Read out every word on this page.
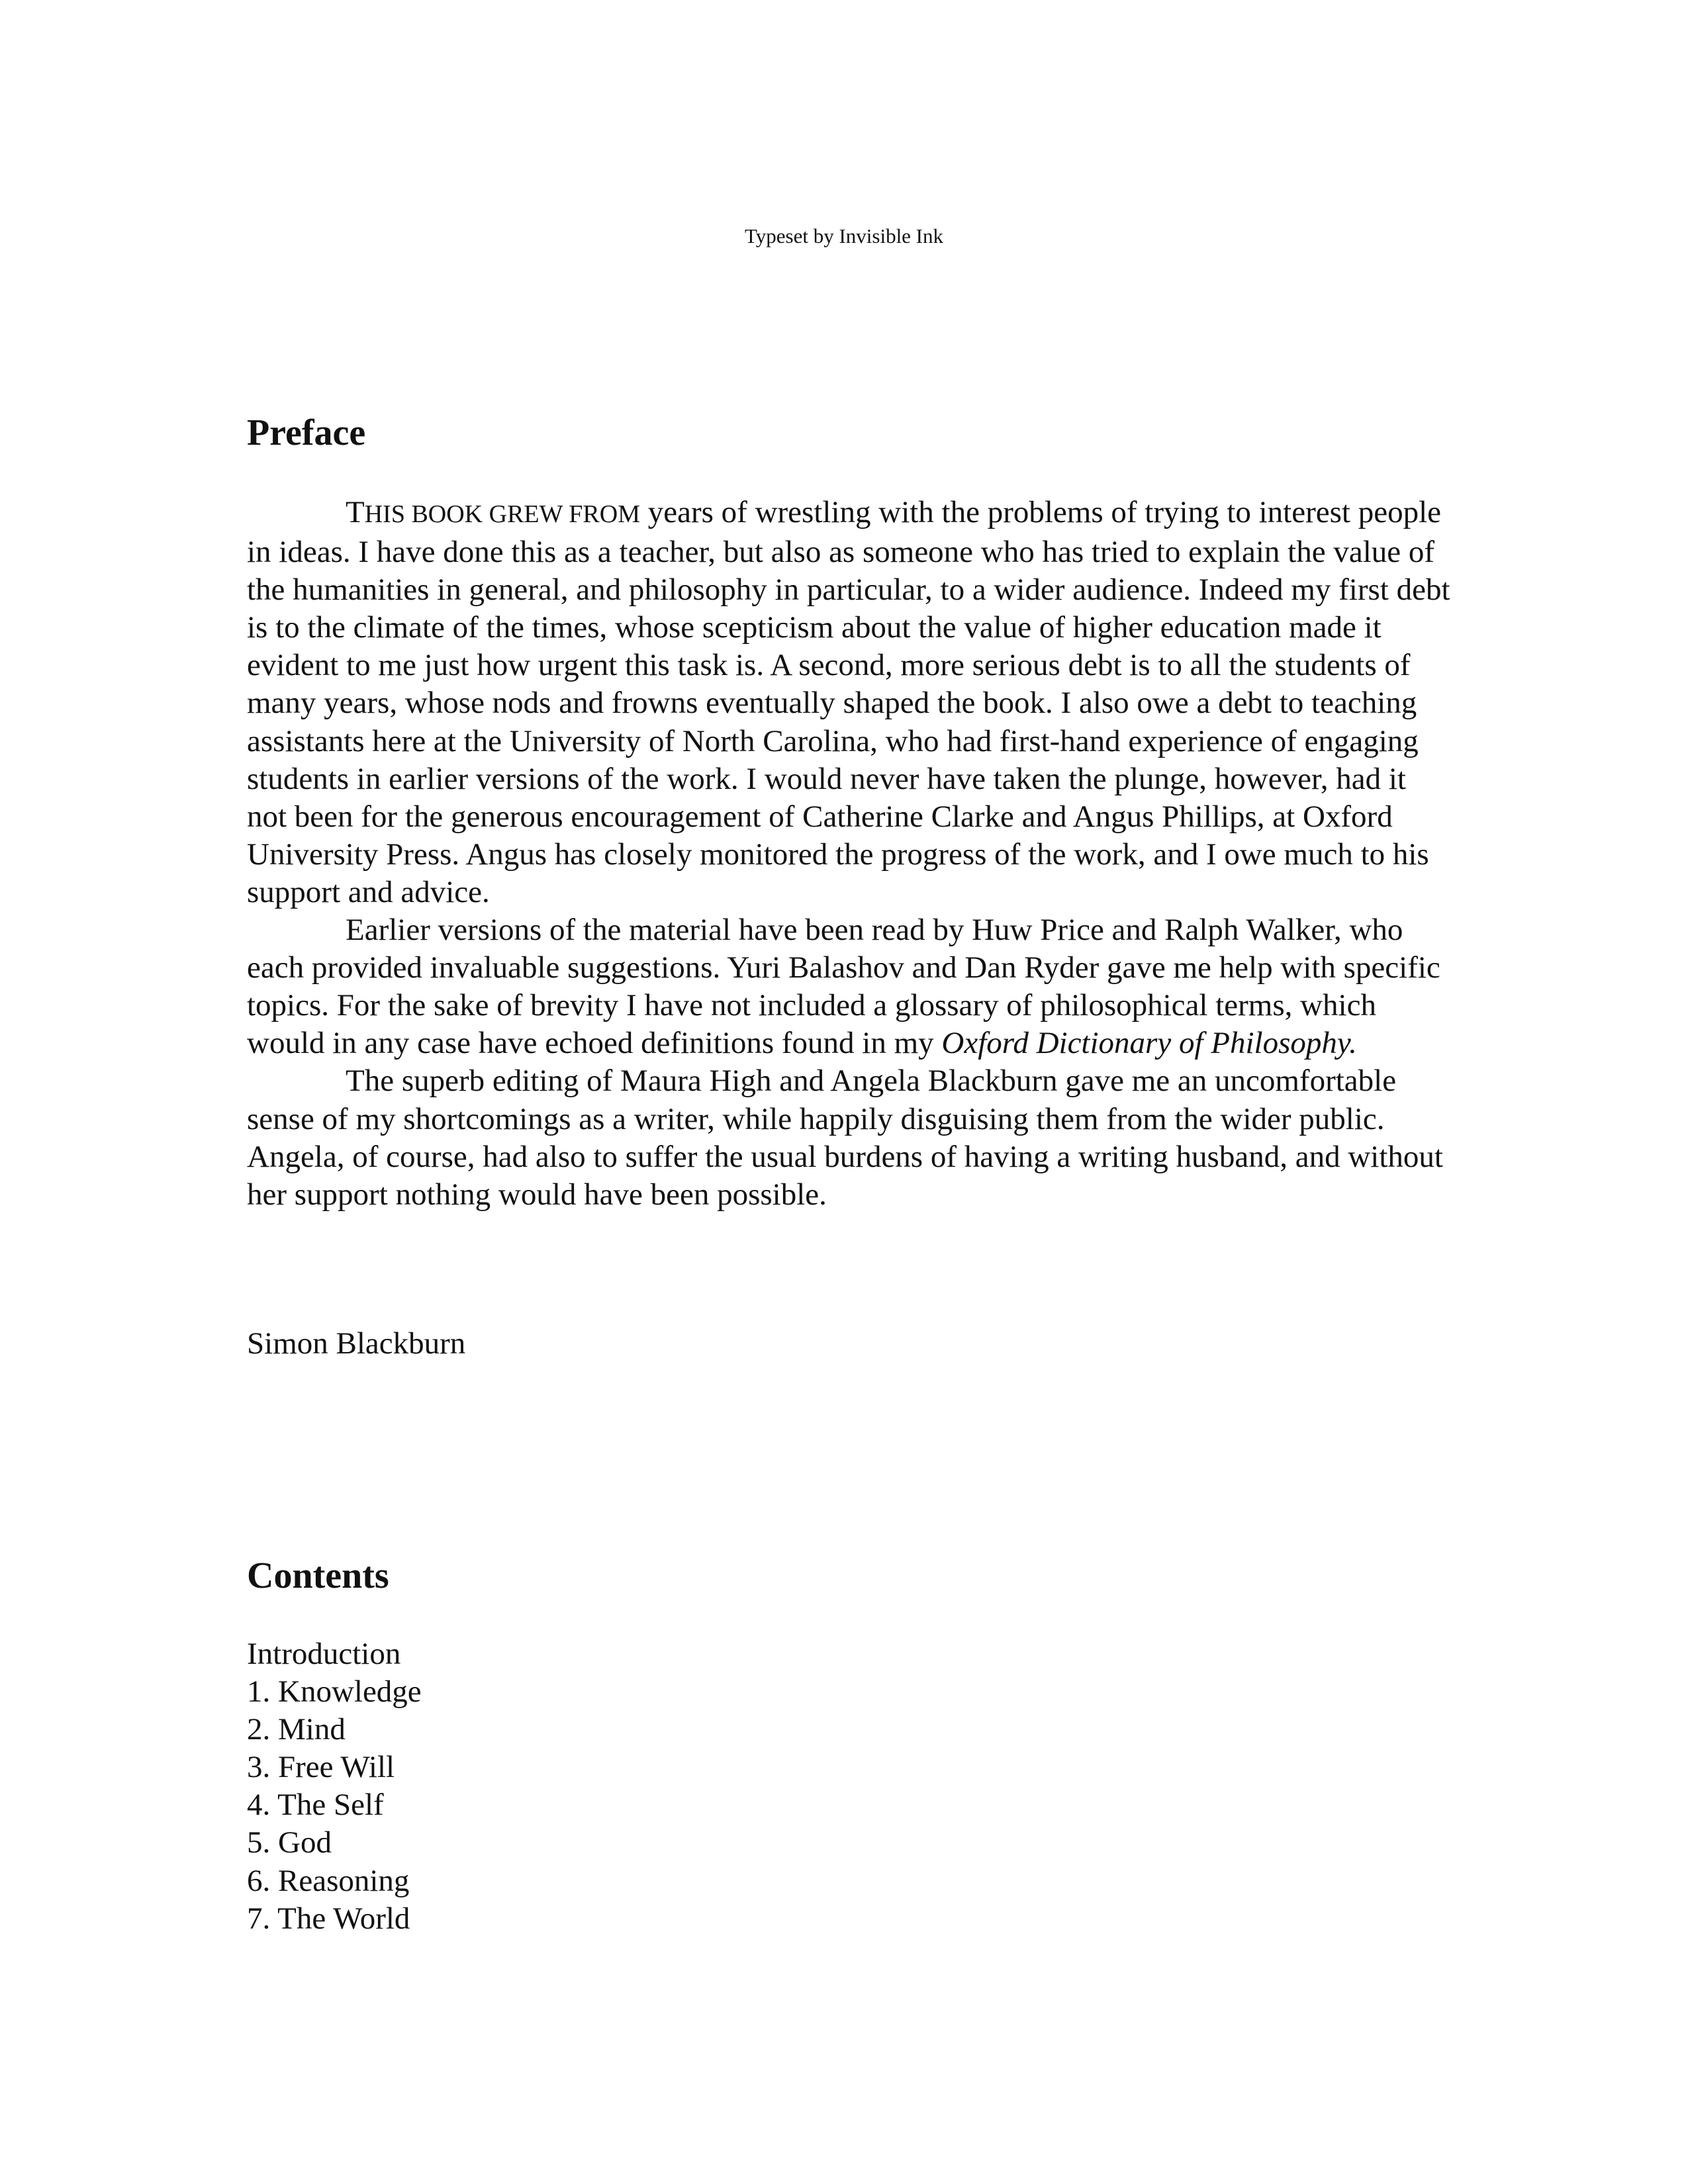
Typeset by Invisible Ink
Preface

THIS BOOK GREW FROM years of wrestling with the problems of trying to interest people in ideas. I have done this as a teacher, but also as someone who has tried to explain the value of the humanities in general, and philosophy in particular, to a wider audience. Indeed my first debt is to the climate of the times, whose scepticism about the value of higher education made it evident to me just how urgent this task is. A second, more serious debt is to all the students of many years, whose nods and frowns eventually shaped the book. I also owe a debt to teaching assistants here at the University of North Carolina, who had first-hand experience of engaging students in earlier versions of the work. I would never have taken the plunge, however, had it not been for the generous encouragement of Catherine Clarke and Angus Phillips, at Oxford University Press. Angus has closely monitored the progress of the work, and I owe much to his support and advice.

Earlier versions of the material have been read by Huw Price and Ralph Walker, who each provided invaluable suggestions. Yuri Balashov and Dan Ryder gave me help with specific topics. For the sake of brevity I have not included a glossary of philosophical terms, which would in any case have echoed definitions found in my Oxford Dictionary of Philosophy.

The superb editing of Maura High and Angela Blackburn gave me an uncomfortable sense of my shortcomings as a writer, while happily disguising them from the wider public. Angela, of course, had also to suffer the usual burdens of having a writing husband, and without her support nothing would have been possible.

Simon Blackburn

Contents
Introduction
1. Knowledge
2. Mind
3. Free Will
4. The Self
5. God
6. Reasoning
7. The World
